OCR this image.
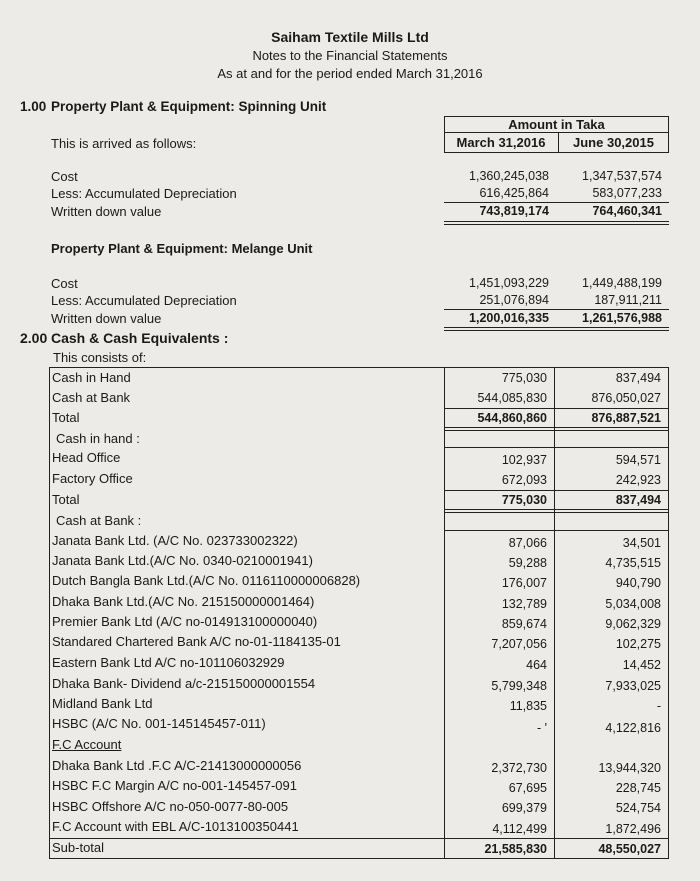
Saiham Textile Mills Ltd
Notes to the Financial Statements
As at and for the period ended March 31,2016
1.00 Property Plant & Equipment: Spinning Unit
This is arrived as follows:
Amount in Taka
March 31,2016	June 30,2015
Cost	1,360,245,038	1,347,537,574
Less: Accumulated Depreciation	616,425,864	583,077,233
Written down value	743,819,174	764,460,341
Property Plant & Equipment: Melange Unit
Cost	1,451,093,229	1,449,488,199
Less: Accumulated Depreciation	251,076,894	187,911,211
Written down value	1,200,016,335	1,261,576,988
2.00 Cash & Cash Equivalents :
This consists of:
Cash in Hand	775,030	837,494
Cash at Bank	544,085,830	876,050,027
Total	544,860,860	876,887,521
Cash in hand :
Head Office	102,937	594,571
Factory Office	672,093	242,923
Total	775,030	837,494
Cash at Bank :
Janata Bank Ltd. (A/C No. 023733002322)	87,066	34,501
Janata Bank Ltd.(A/C No. 0340-0210001941)	59,288	4,735,515
Dutch Bangla Bank Ltd.(A/C No. 0116110000006828)	176,007	940,790
Dhaka Bank Ltd.(A/C No. 215150000001464)	132,789	5,034,008
Premier Bank Ltd (A/C no-014913100000040)	859,674	9,062,329
Standared Chartered Bank A/C no-01-1184135-01	7,207,056	102,275
Eastern Bank Ltd A/C no-101106032929	464	14,452
Dhaka Bank- Dividend a/c-215150000001554	5,799,348	7,933,025
Midland Bank Ltd	11,835	-
HSBC (A/C No. 001-145145457-011)	- '	4,122,816
F.C Account
Dhaka Bank Ltd .F.C A/C-21413000000056	2,372,730	13,944,320
HSBC F.C Margin A/C no-001-145457-091	67,695	228,745
HSBC Offshore A/C no-050-0077-80-005	699,379	524,754
F.C Account with EBL A/C-1013100350441	4,112,499	1,872,496
Sub-total	21,585,830	48,550,027
